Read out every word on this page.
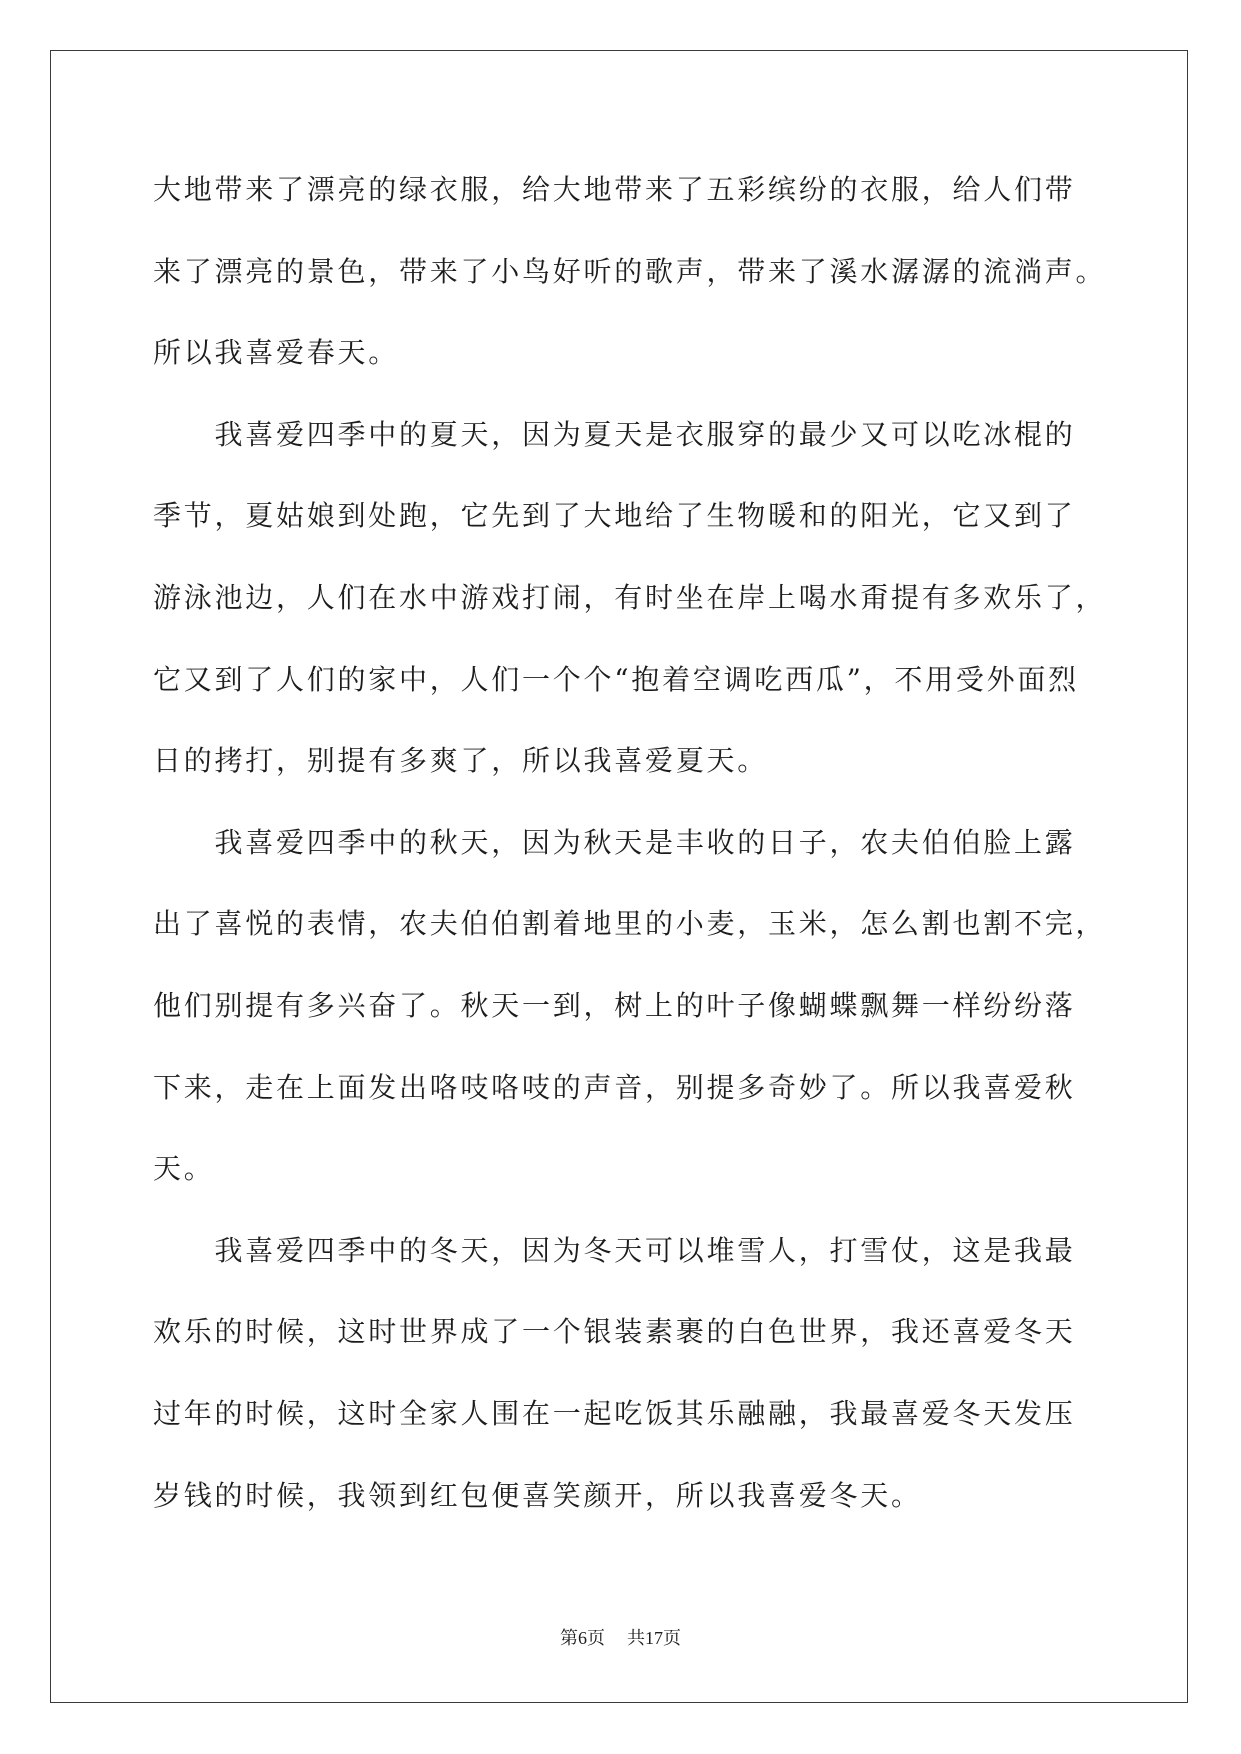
大地带来了漂亮的绿衣服，给大地带来了五彩缤纷的衣服，给人们带
来了漂亮的景色，带来了小鸟好听的歌声，带来了溪水潺潺的流淌声。
所以我喜爱春天。
我喜爱四季中的夏天，因为夏天是衣服穿的最少又可以吃冰棍的
季节，夏姑娘到处跑，它先到了大地给了生物暖和的阳光，它又到了
游泳池边，人们在水中游戏打闹，有时坐在岸上喝水甭提有多欢乐了，
它又到了人们的家中，人们一个个“抱着空调吃西瓜”，不用受外面烈
日的拷打，别提有多爽了，所以我喜爱夏天。
我喜爱四季中的秋天，因为秋天是丰收的日子，农夫伯伯脸上露
出了喜悦的表情，农夫伯伯割着地里的小麦，玉米，怎么割也割不完，
他们别提有多兴奋了。秋天一到，树上的叶子像蝴蝶飘舞一样纷纷落
下来，走在上面发出咯吱咯吱的声音，别提多奇妙了。所以我喜爱秋
天。
我喜爱四季中的冬天，因为冬天可以堆雪人，打雪仗，这是我最
欢乐的时候，这时世界成了一个银装素裹的白色世界，我还喜爱冬天
过年的时候，这时全家人围在一起吃饭其乐融融，我最喜爱冬天发压
岁钱的时候，我领到红包便喜笑颜开，所以我喜爱冬天。
第6页 共17页
